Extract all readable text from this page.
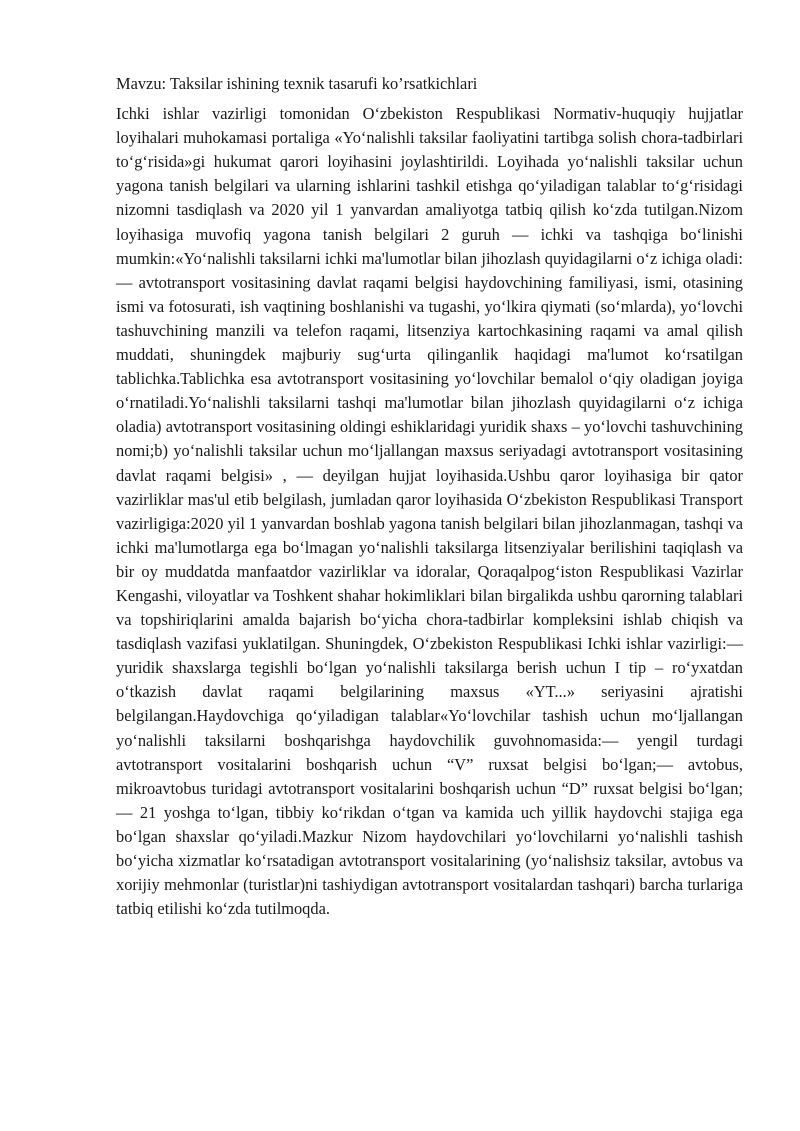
Mavzu: Taksilar ishining texnik tasarufi ko’rsatkichlari

Ichki ishlar vazirligi tomonidan O‘zbekiston Respublikasi Normativ-huquqiy hujjatlar loyihalari muhokamasi portaliga «Yo‘nalishli taksilar faoliyatini tartibga solish chora-tadbirlari to‘g‘risida»gi hukumat qarori loyihasini joylashtirildi. Loyihada yo‘nalishli taksilar uchun yagona tanish belgilari va ularning ishlarini tashkil etishga qo‘yiladigan talablar to‘g‘risidagi nizomni tasdiqlash va 2020 yil 1 yanvardan amaliyotga tatbiq qilish ko‘zda tutilgan.Nizom loyihasiga muvofiq yagona tanish belgilari 2 guruh — ichki va tashqiga bo‘linishi mumkin:«Yo‘nalishli taksilarni ichki ma'lumotlar bilan jihozlash quyidagilarni o‘z ichiga oladi:— avtotransport vositasining davlat raqami belgisi haydovchining familiyasi, ismi, otasining ismi va fotosurati, ish vaqtining boshlanishi va tugashi, yo‘lkira qiymati (so‘mlarda), yo‘lovchi tashuvchining manzili va telefon raqami, litsenziya kartochkasining raqami va amal qilish muddati, shuningdek majburiy sug‘urta qilinganlik haqidagi ma'lumot ko‘rsatilgan tablichka.Tablichka esa avtotransport vositasining yo‘lovchilar bemalol o‘qiy oladigan joyiga o‘rnatiladi.Yo‘nalishli taksilarni tashqi ma'lumotlar bilan jihozlash quyidagilarni o‘z ichiga oladia) avtotransport vositasining oldingi eshiklaridagi yuridik shaxs – yo‘lovchi tashuvchining nomi;b) yo‘nalishli taksilar uchun mo‘ljallangan maxsus seriyadagi avtotransport vositasining davlat raqami belgisi» , — deyilgan hujjat loyihasida.Ushbu qaror loyihasiga bir qator vazirliklar mas'ul etib belgilash, jumladan qaror loyihasida O‘zbekiston Respublikasi Transport vazirligiga:2020 yil 1 yanvardan boshlab yagona tanish belgilari bilan jihozlanmagan, tashqi va ichki ma'lumotlarga ega bo‘lmagan yo‘nalishli taksilarga litsenziyalar berilishini taqiqlash va bir oy muddatda manfaatdor vazirliklar va idoralar, Qoraqalpog‘iston Respublikasi Vazirlar Kengashi, viloyatlar va Toshkent shahar hokimliklari bilan birgalikda ushbu qarorning talablari va topshiriqlarini amalda bajarish bo‘yicha chora-tadbirlar kompleksini ishlab chiqish va tasdiqlash vazifasi yuklatilgan. Shuningdek, O‘zbekiston Respublikasi Ichki ishlar vazirligi:— yuridik shaxslarga tegishli bo‘lgan yo‘nalishli taksilarga berish uchun I tip – ro‘yxatdan o‘tkazish davlat raqami belgilarining maxsus «YT...» seriyasini ajratishi belgilangan.Haydovchiga qo‘yiladigan talablar«Yo‘lovchilar tashish uchun mo‘ljallangan yo‘nalishli taksilarni boshqarishga haydovchilik guvohnomasida:— yengil turdagi avtotransport vositalarini boshqarish uchun “V” ruxsat belgisi bo‘lgan;— avtobus, mikroavtobus turidagi avtotransport vositalarini boshqarish uchun “D” ruxsat belgisi bo‘lgan;— 21 yoshga to‘lgan, tibbiy ko‘rikdan o‘tgan va kamida uch yillik haydovchi stajiga ega bo‘lgan shaxslar qo‘yiladi.Mazkur Nizom haydovchilari yo‘lovchilarni yo‘nalishli tashish bo‘yicha xizmatlar ko‘rsatadigan avtotransport vositalarining (yo‘nalishsiz taksilar, avtobus va xorijiy mehmonlar (turistlar)ni tashiydigan avtotransport vositalardan tashqari) barcha turlariga tatbiq etilishi ko‘zda tutilmoqda.
